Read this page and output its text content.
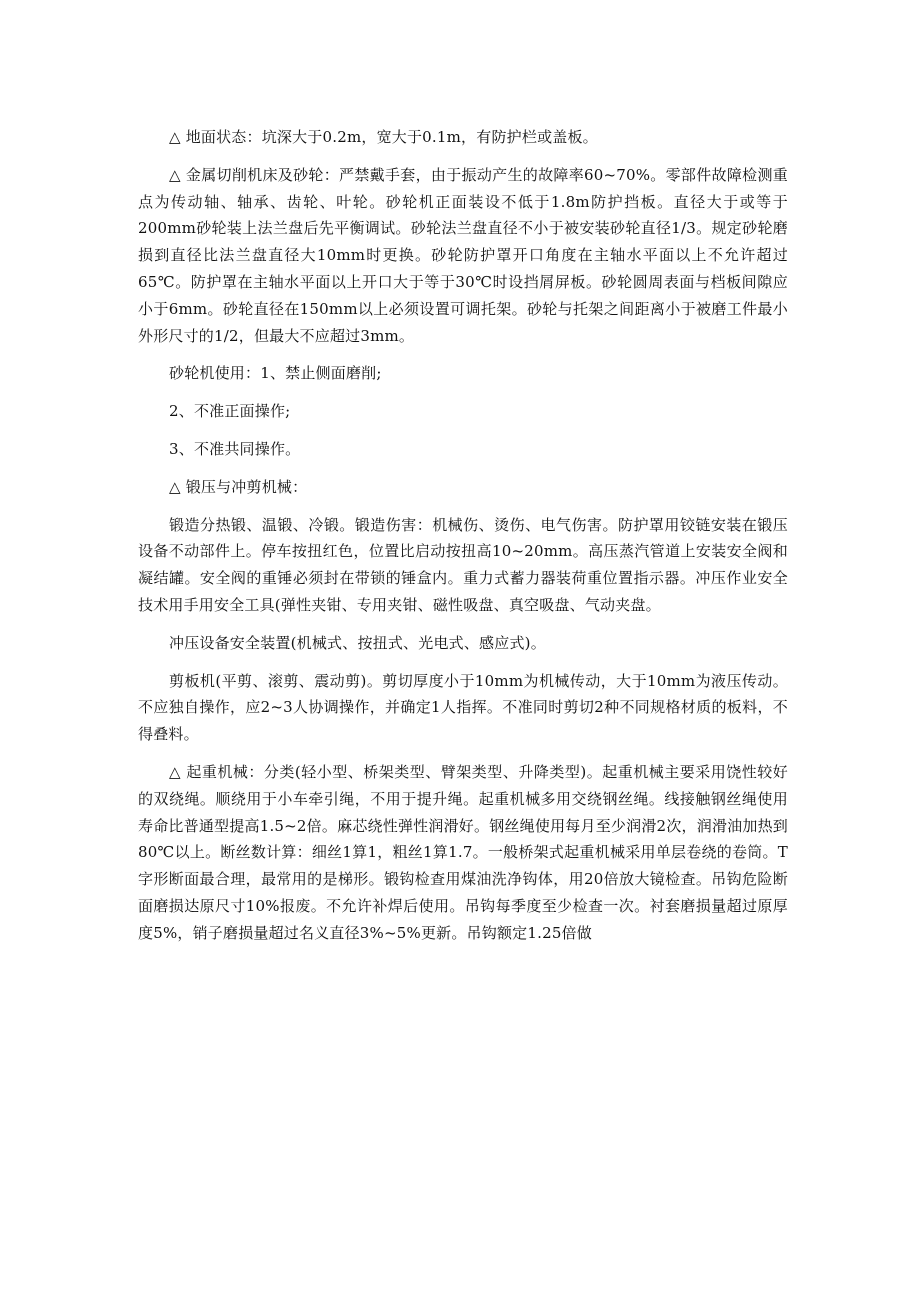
△ 地面状态：坑深大于0.2m，宽大于0.1m，有防护栏或盖板。

△ 金属切削机床及砂轮：严禁戴手套，由于振动产生的故障率60~70%。零部件故障检测重点为传动轴、轴承、齿轮、叶轮。砂轮机正面装设不低于1.8m防护挡板。直径大于或等于200mm砂轮装上法兰盘后先平衡调试。砂轮法兰盘直径不小于被安装砂轮直径1/3。规定砂轮磨损到直径比法兰盘直径大10mm时更换。砂轮防护罩开口角度在主轴水平面以上不允许超过65℃。防护罩在主轴水平面以上开口大于等于30℃时设挡屑屏板。砂轮圆周表面与档板间隙应小于6mm。砂轮直径在150mm以上必须设置可调托架。砂轮与托架之间距离小于被磨工件最小外形尺寸的1/2，但最大不应超过3mm。

砂轮机使用：1、禁止侧面磨削;

2、不准正面操作;

3、不准共同操作。

△ 锻压与冲剪机械：

锻造分热锻、温锻、冷锻。锻造伤害：机械伤、烫伤、电气伤害。防护罩用铰链安装在锻压设备不动部件上。停车按扭红色，位置比启动按扭高10~20mm。高压蒸汽管道上安装安全阀和凝结罐。安全阀的重锤必须封在带锁的锤盒内。重力式蓄力器装荷重位置指示器。冲压作业安全技术用手用安全工具(弹性夹钳、专用夹钳、磁性吸盘、真空吸盘、气动夹盘。

冲压设备安全装置(机械式、按扭式、光电式、感应式)。

剪板机(平剪、滚剪、震动剪)。剪切厚度小于10mm为机械传动，大于10mm为液压传动。不应独自操作，应2~3人协调操作，并确定1人指挥。不准同时剪切2种不同规格材质的板料，不得叠料。

△ 起重机械：分类(轻小型、桥架类型、臂架类型、升降类型)。起重机械主要采用饶性较好的双绕绳。顺绕用于小车牵引绳，不用于提升绳。起重机械多用交绕钢丝绳。线接触钢丝绳使用寿命比普通型提高1.5~2倍。麻芯绕性弹性润滑好。钢丝绳使用每月至少润滑2次，润滑油加热到80℃以上。断丝数计算：细丝1算1，粗丝1算1.7。一般桥架式起重机械采用单层卷绕的卷筒。T字形断面最合理，最常用的是梯形。锻钩检查用煤油洗净钩体，用20倍放大镜检查。吊钩危险断面磨损达原尺寸10%报废。不允许补焊后使用。吊钩每季度至少检查一次。衬套磨损量超过原厚度5%，销子磨损量超过名义直径3%~5%更新。吊钩额定1.25倍做
